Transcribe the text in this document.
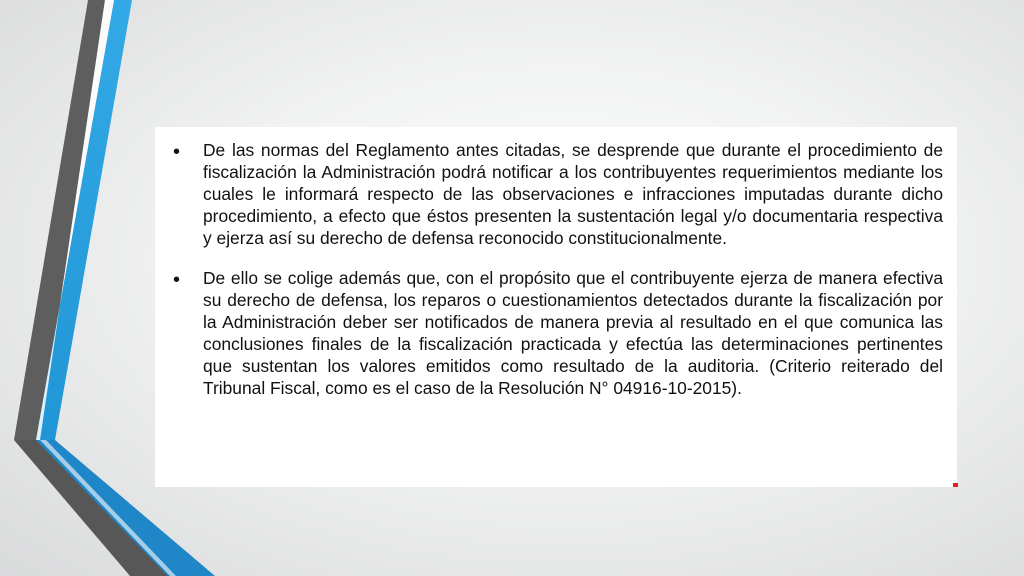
• De las normas del Reglamento antes citadas, se desprende que durante el procedimiento de fiscalización la Administración podrá notificar a los contribuyentes requerimientos mediante los cuales le informará respecto de las observaciones e infracciones imputadas durante dicho procedimiento, a efecto que éstos presenten la sustentación legal y/o documentaria respectiva y ejerza así su derecho de defensa reconocido constitucionalmente.

• De ello se colige además que, con el propósito que el contribuyente ejerza de manera efectiva su derecho de defensa, los reparos o cuestionamientos detectados durante la fiscalización por la Administración deber ser notificados de manera previa al resultado en el que comunica las conclusiones finales de la fiscalización practicada y efectúa las determinaciones pertinentes que sustentan los valores emitidos como resultado de la auditoria. (Criterio reiterado del Tribunal Fiscal, como es el caso de la Resolución N° 04916-10-2015).
